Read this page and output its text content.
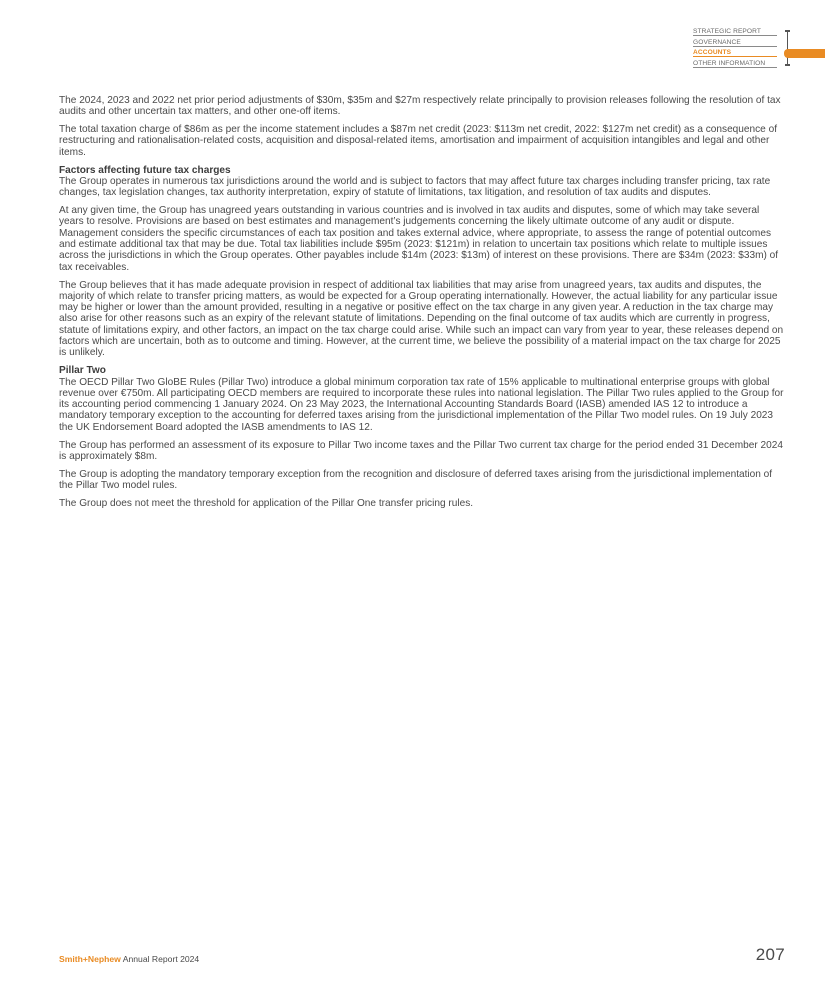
STRATEGIC REPORT
GOVERNANCE
ACCOUNTS
OTHER INFORMATION

The 2024, 2023 and 2022 net prior period adjustments of $30m, $35m and $27m respectively relate principally to provision releases following the resolution of tax audits and other uncertain tax matters, and other one-off items.

The total taxation charge of $86m as per the income statement includes a $87m net credit (2023: $113m net credit, 2022: $127m net credit) as a consequence of restructuring and rationalisation-related costs, acquisition and disposal-related items, amortisation and impairment of acquisition intangibles and legal and other items.

Factors affecting future tax charges

The Group operates in numerous tax jurisdictions around the world and is subject to factors that may affect future tax charges including transfer pricing, tax rate changes, tax legislation changes, tax authority interpretation, expiry of statute of limitations, tax litigation, and resolution of tax audits and disputes.

At any given time, the Group has unagreed years outstanding in various countries and is involved in tax audits and disputes, some of which may take several years to resolve. Provisions are based on best estimates and management’s judgements concerning the likely ultimate outcome of any audit or dispute. Management considers the specific circumstances of each tax position and takes external advice, where appropriate, to assess the range of potential outcomes and estimate additional tax that may be due. Total tax liabilities include $95m (2023: $121m) in relation to uncertain tax positions which relate to multiple issues across the jurisdictions in which the Group operates. Other payables include $14m (2023: $13m) of interest on these provisions. There are $34m (2023: $33m) of tax receivables.

The Group believes that it has made adequate provision in respect of additional tax liabilities that may arise from unagreed years, tax audits and disputes, the majority of which relate to transfer pricing matters, as would be expected for a Group operating internationally. However, the actual liability for any particular issue may be higher or lower than the amount provided, resulting in a negative or positive effect on the tax charge in any given year. A reduction in the tax charge may also arise for other reasons such as an expiry of the relevant statute of limitations. Depending on the final outcome of tax audits which are currently in progress, statute of limitations expiry, and other factors, an impact on the tax charge could arise. While such an impact can vary from year to year, these releases depend on factors which are uncertain, both as to outcome and timing. However, at the current time, we believe the possibility of a material impact on the tax charge for 2025 is unlikely.

Pillar Two

The OECD Pillar Two GloBE Rules (Pillar Two) introduce a global minimum corporation tax rate of 15% applicable to multinational enterprise groups with global revenue over €750m. All participating OECD members are required to incorporate these rules into national legislation. The Pillar Two rules applied to the Group for its accounting period commencing 1 January 2024. On 23 May 2023, the International Accounting Standards Board (IASB) amended IAS 12 to introduce a mandatory temporary exception to the accounting for deferred taxes arising from the jurisdictional implementation of the Pillar Two model rules. On 19 July 2023 the UK Endorsement Board adopted the IASB amendments to IAS 12.

The Group has performed an assessment of its exposure to Pillar Two income taxes and the Pillar Two current tax charge for the period ended 31 December 2024 is approximately $8m.

The Group is adopting the mandatory temporary exception from the recognition and disclosure of deferred taxes arising from the jurisdictional implementation of the Pillar Two model rules.

The Group does not meet the threshold for application of the Pillar One transfer pricing rules.

Smith+Nephew Annual Report 2024	207
